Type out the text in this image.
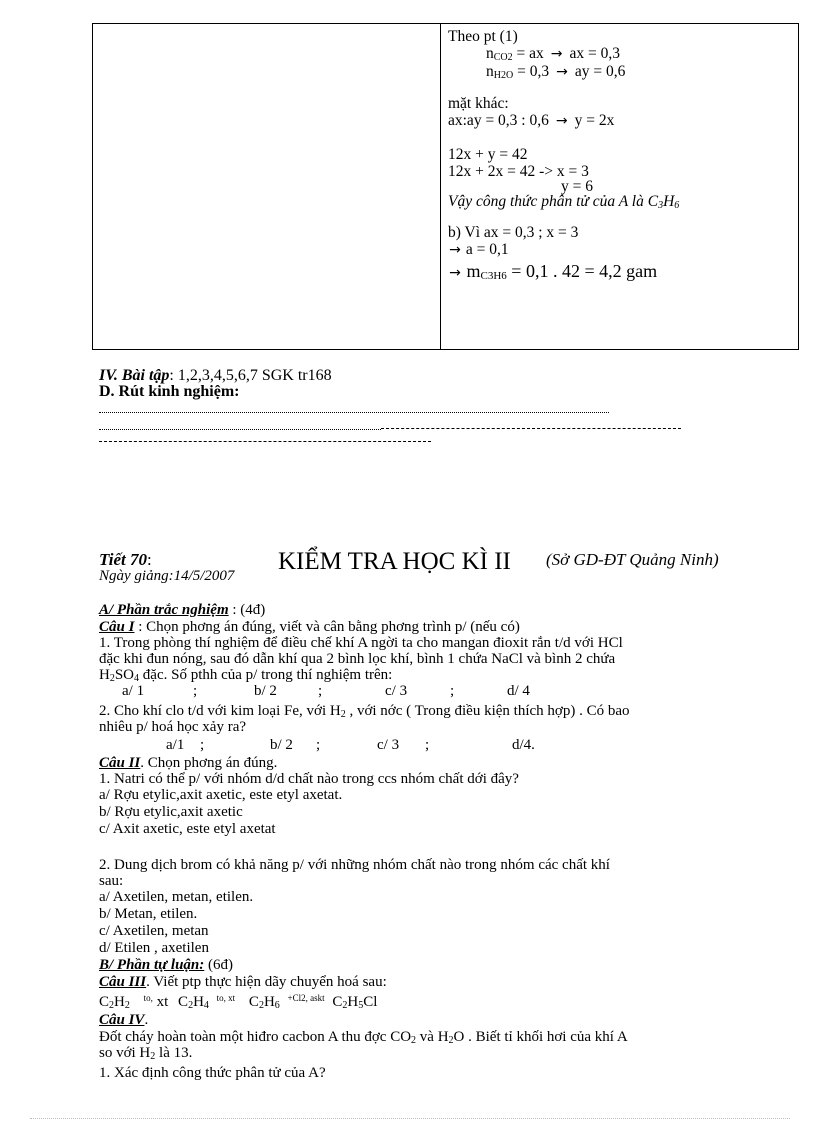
Theo pt (1)
$n_{CO2}$ = ax → ax = 0,3
$n_{H2O} = 0,3$ → ay = 0,6
mặt khác:
ax:ay = 0,3 : 0,6 → y = 2x
12x + y = 42
12x + 2x = 42 -> x = 3
y = 6
Vậy công thức phân tử của A là $C_3H_6$
b) Vì ax = 0,3 ; x = 3
→ a = 0,1
→ $m_{C3H6} = 0,1$ . 42 = 4,2 gam
IV. Bài tập: 1,2,3,4,5,6,7 SGK tr168
D. Rút kinh nghiệm:
Tiết 70:
Ngày giảng:14/5/2007
KIỂM TRA HỌC KÌ II (Sở GD-ĐT Quảng Ninh)
A/ Phần trắc nghiệm : (4đ)
Câu I : Chọn phơng án đúng, viết và cân bằng phơng trình p/ (nếu có)
1. Trong phòng thí nghiệm để điều chế khí A ngời ta cho mangan đioxit rắn t/d với HCl
đặc khi đun nóng, sau đó dẫn khí qua 2 bình lọc khí, bình 1 chứa NaCl và bình 2 chứa
$H_2SO_4$ đặc. Số pthh của p/ trong thí nghiệm trên:
a/ 1	;	b/ 2	;	c/ 3	;	d/ 4
2. Cho khí clo t/d với kim loại Fe, với $H_2$ , với nớc ( Trong điều kiện thích hợp) . Có bao
nhiêu p/ hoá học xảy ra?
a/1 ;	b/ 2 ;	c/ 3 ;	d/4.
Câu II. Chọn phơng án đúng.
1. Natri có thể p/ với nhóm d/d chất nào trong ccs nhóm chất dới đây?
a/ Rợu etylic,axit axetic, este etyl axetat.
b/ Rợu etylic,axit axetic
c/ Axit axetic, este etyl axetat
2. Dung dịch brom có khả năng p/ với những nhóm chất nào trong nhóm các chất khí
sau:
a/ Axetilen, metan, etilen.
b/ Metan, etilen.
c/ Axetilen, metan
d/ Etilen , axetilen
B/ Phần tự luận: (6đ)
Câu III. Viết ptp thực hiện dãy chuyển hoá sau:
$C_2H_2$ $^{to,}$ xt $C_2H_4$ $^{to, xt}$ $C_2H_6$ $^{+Cl2, askt}$ $C_2H_5Cl$
Câu IV.
Đốt cháy hoàn toàn một hiđro cacbon A thu đợc $CO_2$ và $H_2O$ . Biết tỉ khối hơi của khí A
so với $H_2$ là 13.
1. Xác định công thức phân tử của A?
